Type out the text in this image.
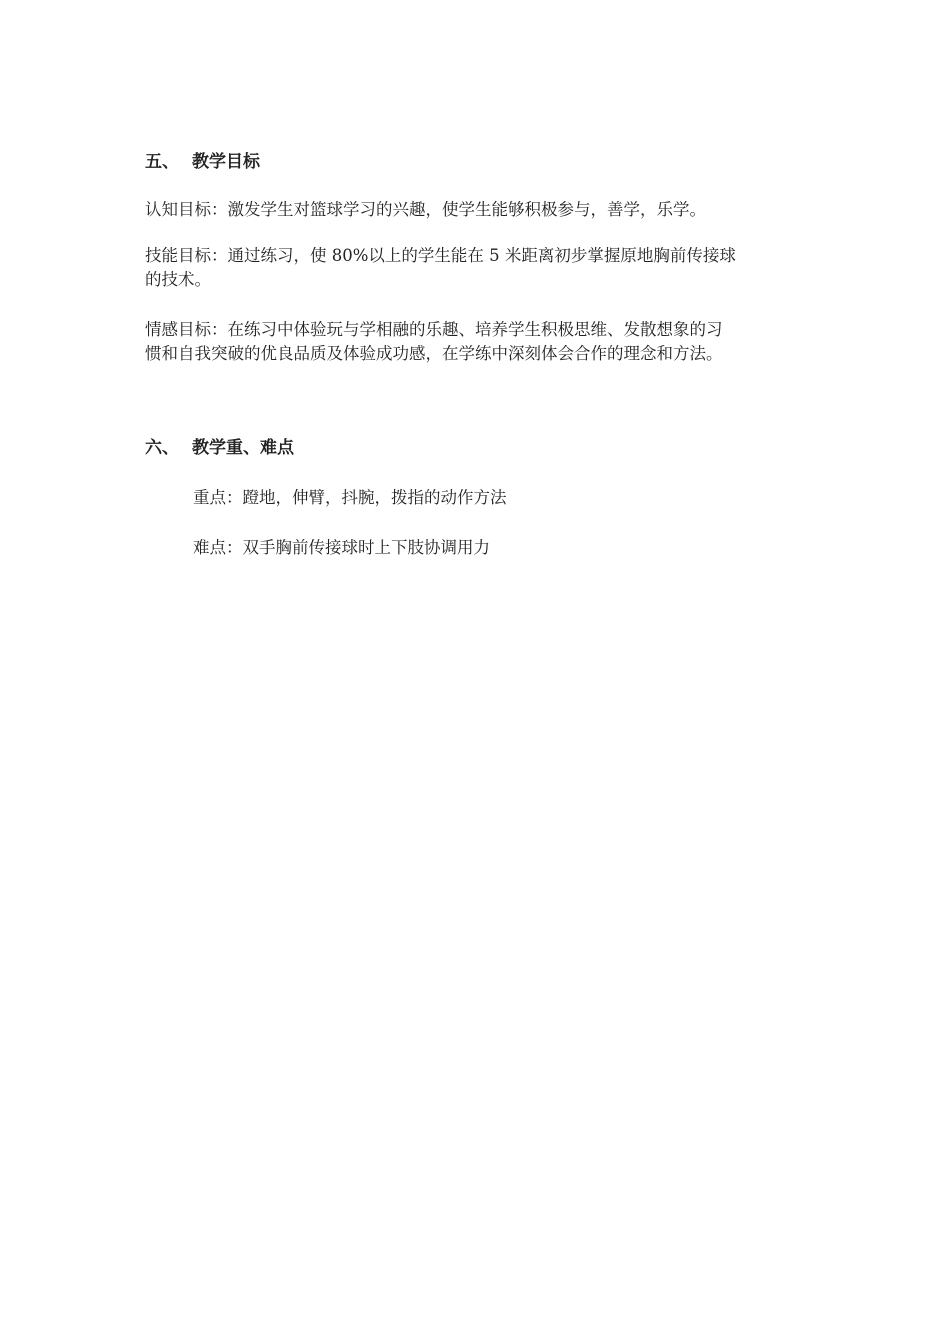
五、 教学目标
认知目标：激发学生对篮球学习的兴趣，使学生能够积极参与，善学，乐学。
技能目标：通过练习，使 80%以上的学生能在 5 米距离初步掌握原地胸前传接球
的技术。
情感目标：在练习中体验玩与学相融的乐趣、培养学生积极思维、发散想象的习
惯和自我突破的优良品质及体验成功感，在学练中深刻体会合作的理念和方法。
六、 教学重、难点
重点：蹬地，伸臂，抖腕，拨指的动作方法
难点：双手胸前传接球时上下肢协调用力
